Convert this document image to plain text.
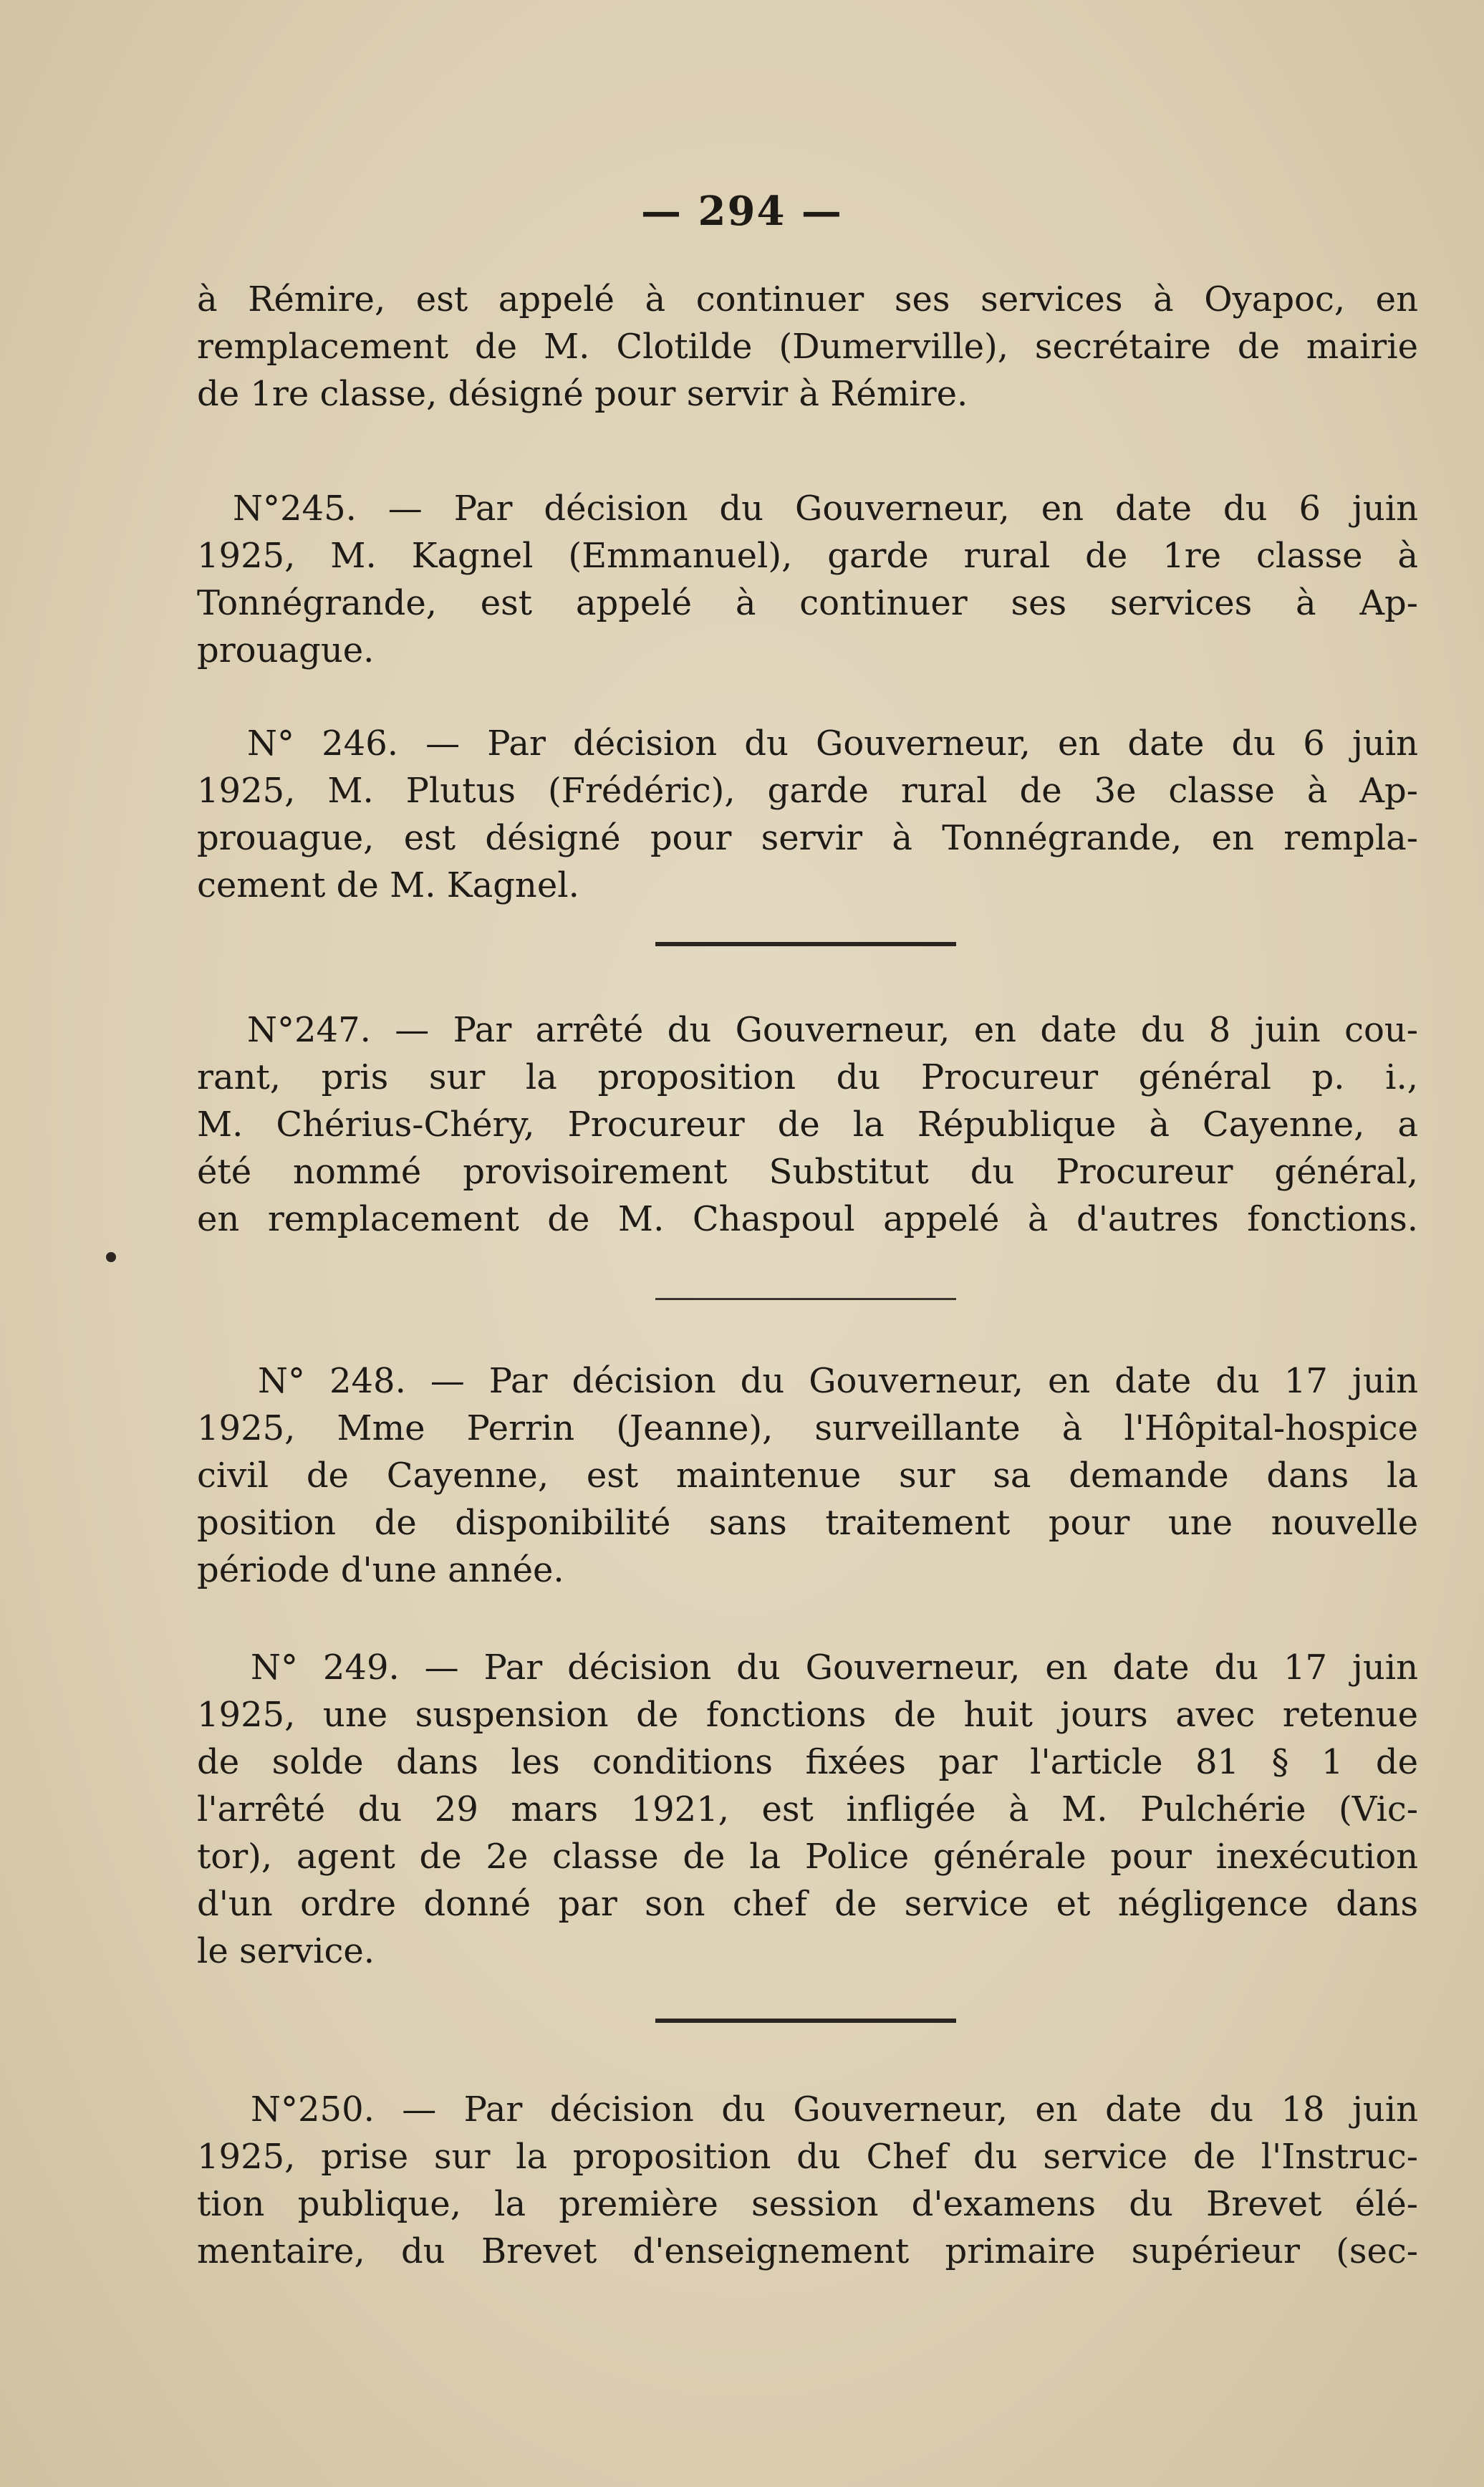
— 294 —
à Rémire, est appelé à continuer ses services à Oyapoc, en
remplacement de M. Clotilde (Dumerville), secrétaire de mairie
de 1re classe, désigné pour servir à Rémire.
N°245. — Par décision du Gouverneur, en date du 6 juin
1925, M. Kagnel (Emmanuel), garde rural de 1re classe à
Tonnégrande, est appelé à continuer ses services à Ap-
prouague.
N° 246. — Par décision du Gouverneur, en date du 6 juin
1925, M. Plutus (Frédéric), garde rural de 3e classe à Ap-
prouague, est désigné pour servir à Tonnégrande, en rempla-
cement de M. Kagnel.
N°247. — Par arrêté du Gouverneur, en date du 8 juin cou-
rant, pris sur la proposition du Procureur général p. i.,
M. Chérius-Chéry, Procureur de la République à Cayenne, a
été nommé provisoirement Substitut du Procureur général,
en remplacement de M. Chaspoul appelé à d'autres fonctions.
N° 248. — Par décision du Gouverneur, en date du 17 juin
1925, Mme Perrin (Jeanne), surveillante à l'Hôpital-hospice
civil de Cayenne, est maintenue sur sa demande dans la
position de disponibilité sans traitement pour une nouvelle
période d'une année.
N° 249. — Par décision du Gouverneur, en date du 17 juin
1925, une suspension de fonctions de huit jours avec retenue
de solde dans les conditions fixées par l'article 81 § 1 de
l'arrêté du 29 mars 1921, est infligée à M. Pulchérie (Vic-
tor), agent de 2e classe de la Police générale pour inexécution
d'un ordre donné par son chef de service et négligence dans
le service.
N°250. — Par décision du Gouverneur, en date du 18 juin
1925, prise sur la proposition du Chef du service de l'Instruc-
tion publique, la première session d'examens du Brevet élé-
mentaire, du Brevet d'enseignement primaire supérieur (sec-
